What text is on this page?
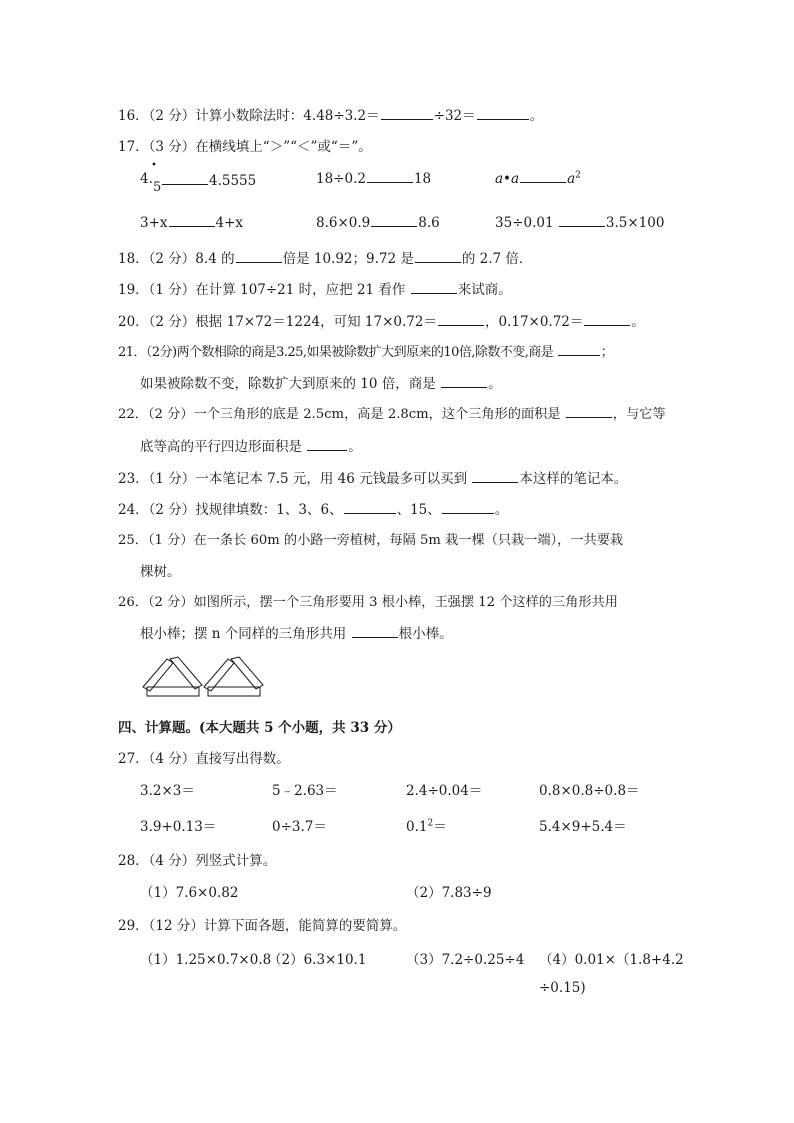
16．（2 分）计算小数除法时：4.48÷3.2＝	÷32＝	。
17．（3 分）在横线填上“＞”“＜”或“＝”。
4.
•
5	4.5555	18÷0.2	18	a•a	$a^2$
3+x	4+x	8.6×0.9	8.6	35÷0.01	3.5×100
18．（2 分）8.4 的	倍是 10.92；9.72 是	的 2.7 倍．
19．（1 分）在计算 107÷21 时，应把 21 看作	来试商。
20．（2 分）根据 17×72＝1224，可知 17×0.72＝	，0.17×0.72＝	。
21．（2分)两个数相除的商是3.25,如果被除数扩大到原来的10倍,除数不变,商是	；
如果被除数不变，除数扩大到原来的 10 倍，商是	。
22．（2 分）一个三角形的底是 2.5cm，高是 2.8cm，这个三角形的面积是	，与它等
底等高的平行四边形面积是	。
23．（1 分）一本笔记本 7.5 元，用 46 元钱最多可以买到	本这样的笔记本。
24．（2 分）找规律填数：1、3、6、	、15、	。
25．（1 分）在一条长 60m 的小路一旁植树，每隔 5m 栽一棵（只栽一端），一共要栽
棵树。
26．（2 分）如图所示，摆一个三角形要用 3 根小棒，王强摆 12 个这样的三角形共用
根小棒；摆 n 个同样的三角形共用	根小棒。
四、计算题。(本大题共 5 个小题，共 33 分）
27．（4 分）直接写出得数。
3.2×3＝	5﹣2.63＝	2.4÷0.04＝	0.8×0.8÷0.8＝
3.9+0.13＝	0÷3.7＝	$0.1^2=$	5.4×9+5.4＝
28．（4 分）列竖式计算。
（1）7.6×0.82	（2）7.83÷9
29．（12 分）计算下面各题，能简算的要简算。
（1）1.25×0.7×0.8
（2）6.3×10.1	（3）7.2÷0.25÷4 （4）0.01×（1.8+4.2
÷0.15)
